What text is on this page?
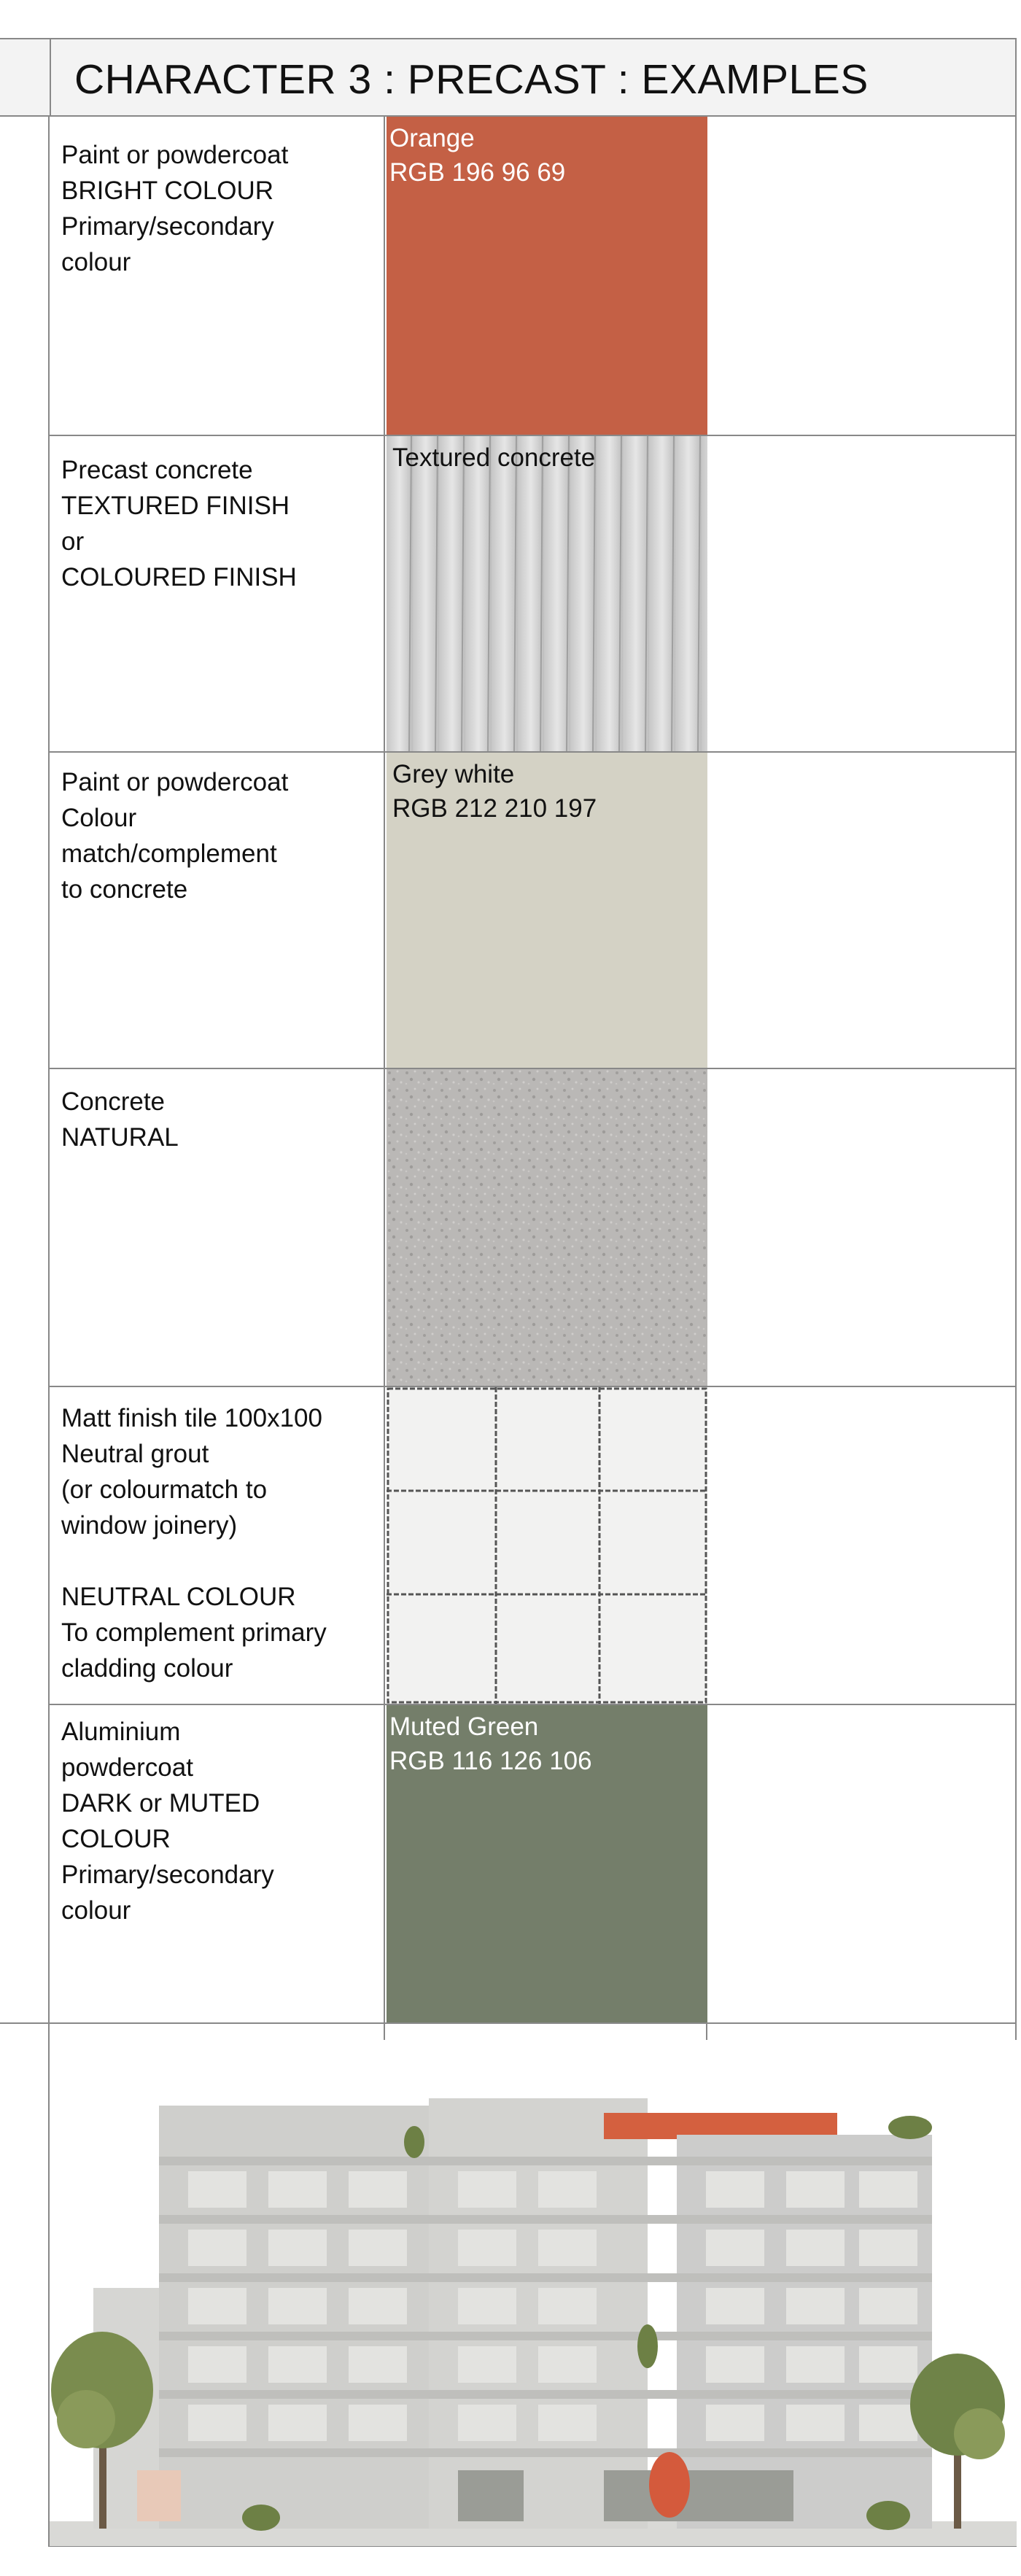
CHARACTER 3 : PRECAST : EXAMPLES
Paint or powdercoat
BRIGHT COLOUR
Primary/secondary
colour
Orange
RGB 196 96 69
Precast concrete
TEXTURED FINISH
or
COLOURED FINISH
Textured concrete
Paint or powdercoat
Colour
match/complement
to concrete
Grey white
RGB 212 210 197
Concrete
NATURAL
Matt finish tile 100x100
Neutral grout
(or colourmatch to
window joinery)

NEUTRAL COLOUR
To complement primary
cladding colour
Aluminium
powdercoat
DARK or MUTED
COLOUR
Primary/secondary
colour
Muted Green
RGB 116 126 106
